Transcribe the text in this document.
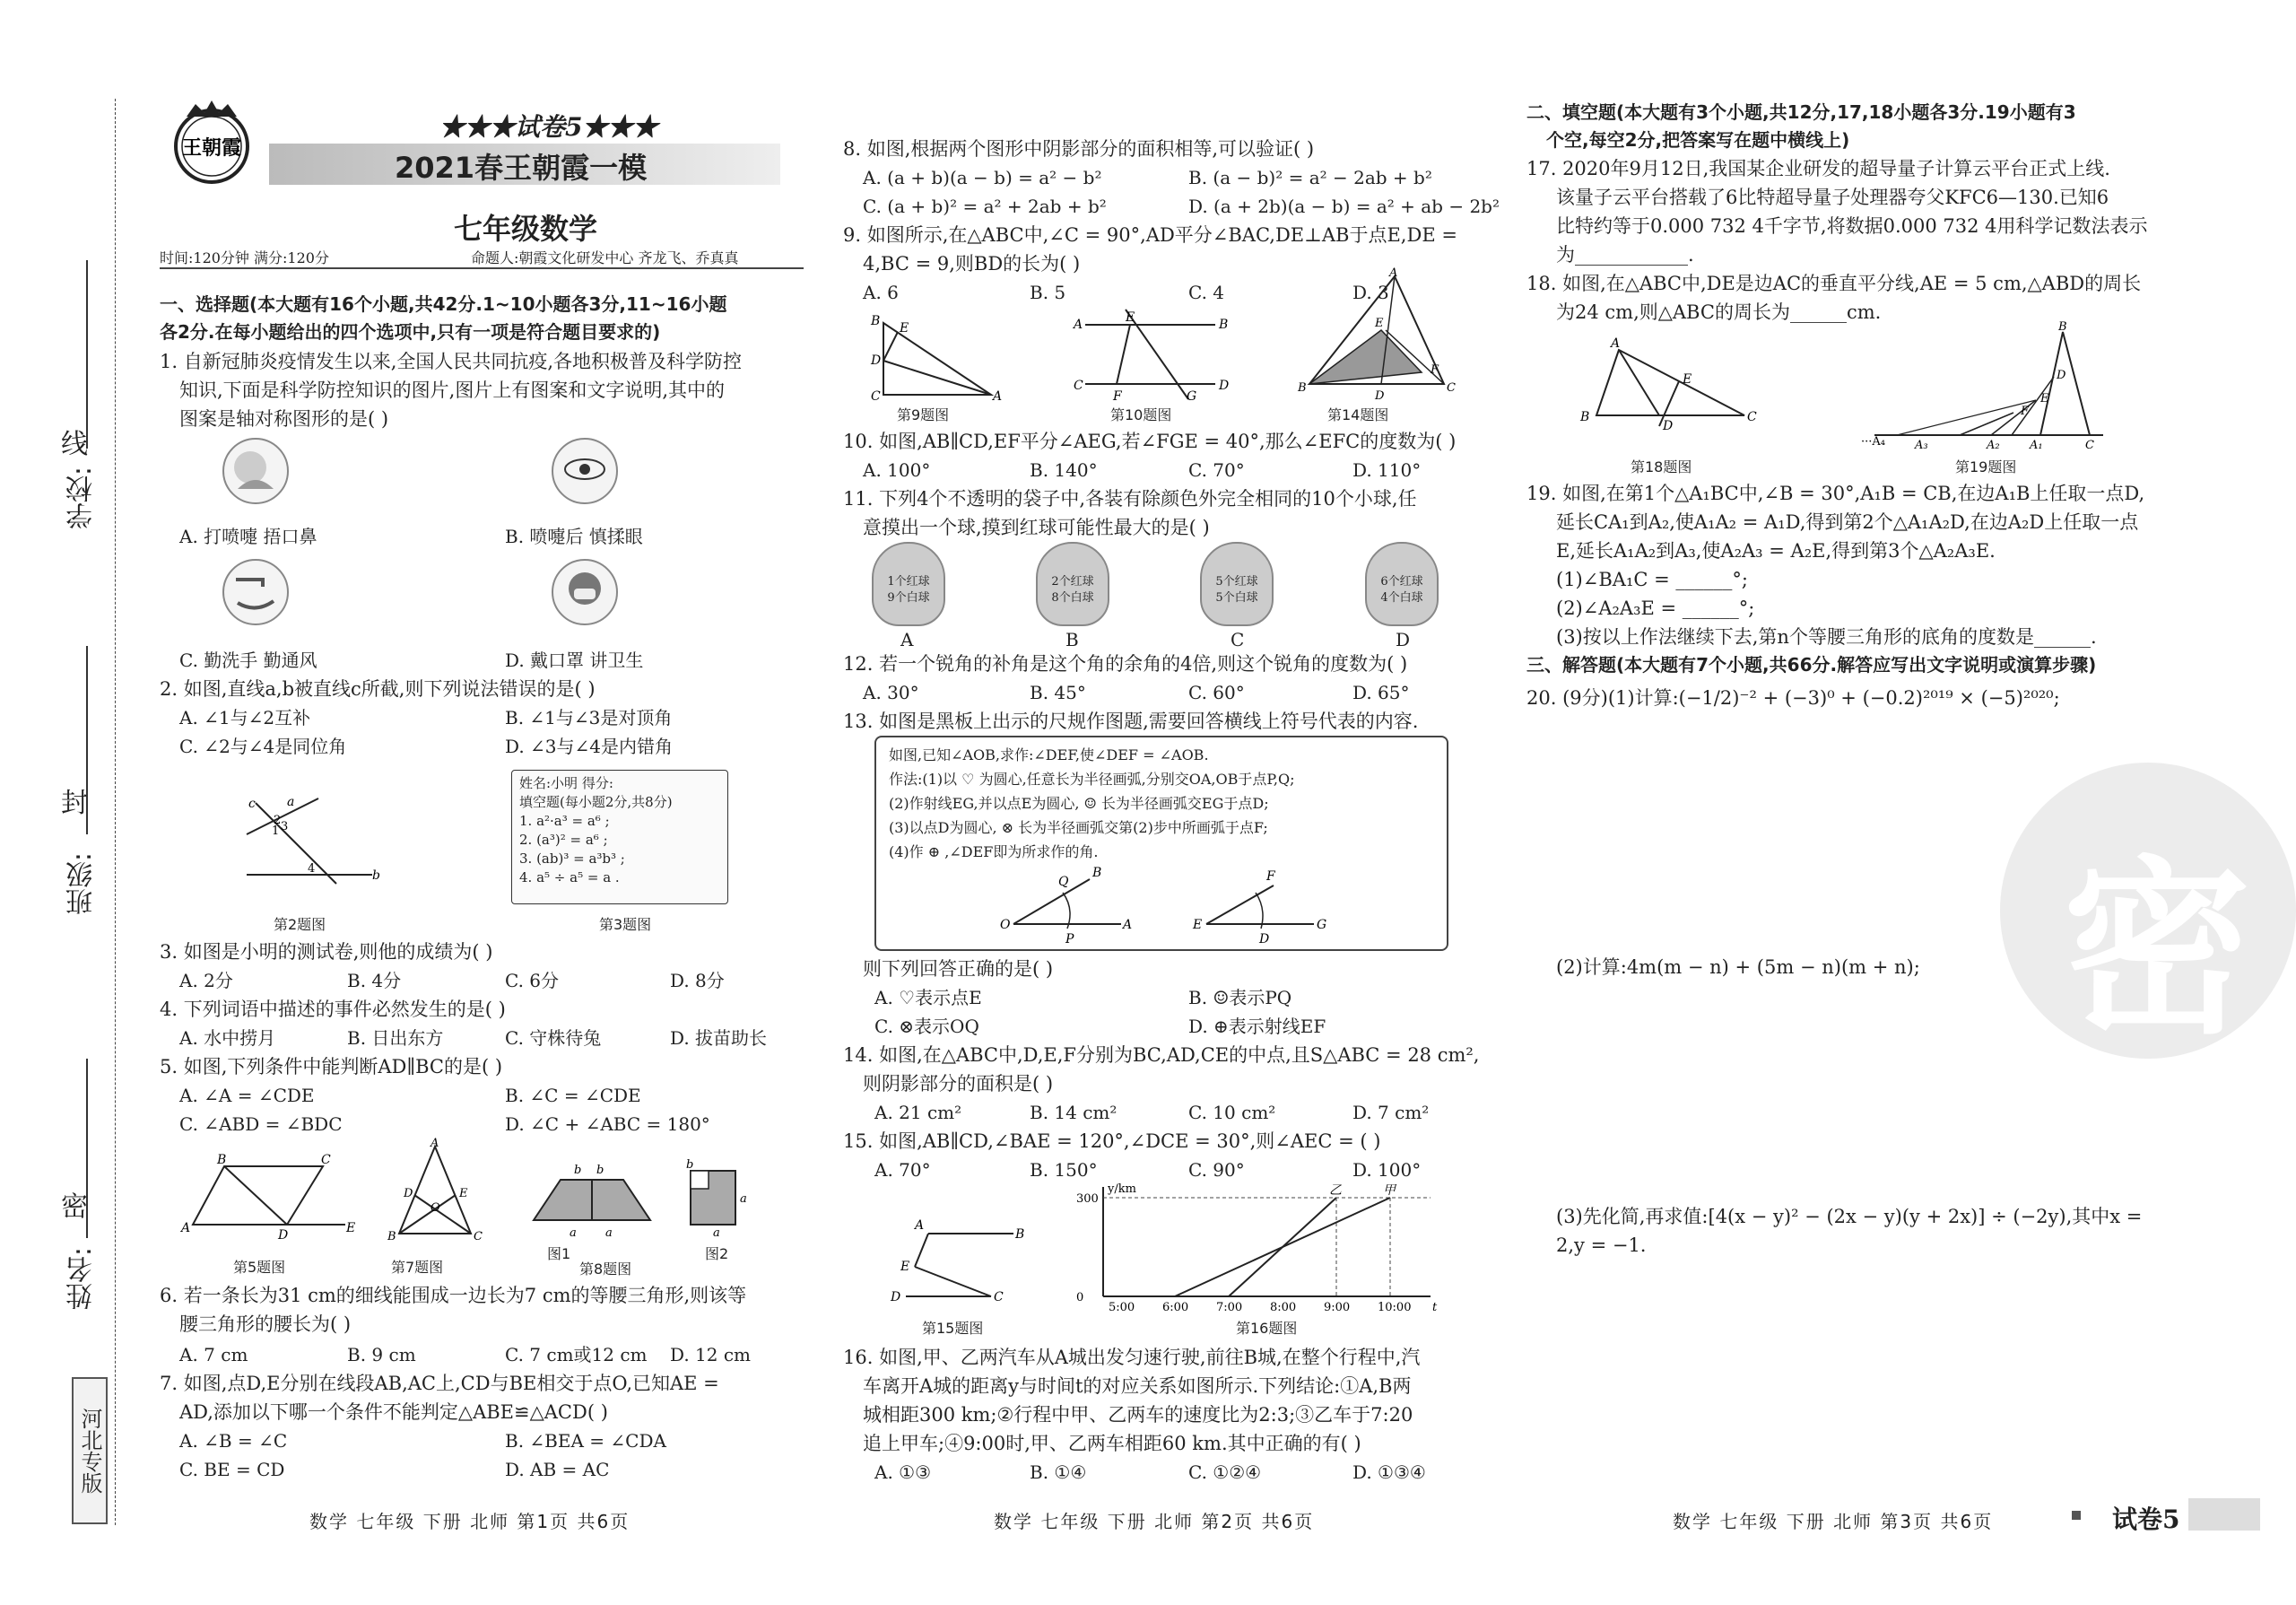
线
封
密
学校:
班级:
姓名:
河北专版
王朝霞
★★★试卷5★★★
2021春王朝霞一模
七年级数学
时间:120分钟 满分:120分	命题人:朝霞文化研发中心 齐龙飞、乔真真
一、选择题(本大题有16个小题,共42分.1~10小题各3分,11~16小题
各2分.在每小题给出的四个选项中,只有一项是符合题目要求的)
1. 自新冠肺炎疫情发生以来,全国人民共同抗疫,各地积极普及科学防控
知识,下面是科学防控知识的图片,图片上有图案和文字说明,其中的
图案是轴对称图形的是( )
A. 打喷嚏 捂口鼻	B. 喷嚏后 慎揉眼
C. 勤洗手 勤通风	D. 戴口罩 讲卫生
2. 如图,直线a,b被直线c所截,则下列说法错误的是( )
A. ∠1与∠2互补	B. ∠1与∠3是对顶角
C. ∠2与∠4是同位角	D. ∠3与∠4是内错角
c	a
b
2 3
1
4
第2题图
姓名:小明 得分:
填空题(每小题2分,共8分)
1. a²·a³ = a⁶ ;
2. (a³)² = a⁶ ;
3. (ab)³ = a³b³ ;
4. a⁵ ÷ a⁵ = a .
第3题图
3. 如图是小明的测试卷,则他的成绩为( )
A. 2分	B. 4分	C. 6分	D. 8分
4. 下列词语中描述的事件必然发生的是( )
A. 水中捞月	B. 日出东方	C. 守株待兔	D. 拔苗助长
5. 如图,下列条件中能判断AD∥BC的是( )
A. ∠A = ∠CDE	B. ∠C = ∠CDE
C. ∠ABD = ∠BDC	D. ∠C + ∠ABC = 180°
B	C
A	D	E
第5题图
A
D	E
O
B	C
第7题图
b b
a a
b
a
a
图1	图2
第8题图
6. 若一条长为31 cm的细线能围成一边长为7 cm的等腰三角形,则该等
腰三角形的腰长为( )
A. 7 cm	B. 9 cm	C. 7 cm或12 cm D. 12 cm
7. 如图,点D,E分别在线段AB,AC上,CD与BE相交于点O,已知AE =
AD,添加以下哪一个条件不能判定△ABE≌△ACD( )
A. ∠B = ∠C	B. ∠BEA = ∠CDA
C. BE = CD	D. AB = AC
数学 七年级 下册 北师 第1页 共6页
8. 如图,根据两个图形中阴影部分的面积相等,可以验证( )
A. (a + b)(a − b) = a² − b²	B. (a − b)² = a² − 2ab + b²
C. (a + b)² = a² + 2ab + b²	D. (a + 2b)(a − b) = a² + ab − 2b²
9. 如图所示,在△ABC中,∠C = 90°,AD平分∠BAC,DE⊥AB于点E,DE =
4,BC = 9,则BD的长为( )
A. 6	B. 5	C. 4	D. 3
B E
D
C	A
第9题图
A	E	B
C
F	G
D
第10题图
A
E
F
B
D
C
第14题图
10. 如图,AB∥CD,EF平分∠AEG,若∠FGE = 40°,那么∠EFC的度数为( )
A. 100°	B. 140°	C. 70°	D. 110°
11. 下列4个不透明的袋子中,各装有除颜色外完全相同的10个小球,任
意摸出一个球,摸到红球可能性最大的是( )
1个红球
9个白球
2个红球
8个白球
5个红球
5个白球
6个红球
4个白球
A	B	C	D
12. 若一个锐角的补角是这个角的余角的4倍,则这个锐角的度数为( )
A. 30°	B. 45°	C. 60°	D. 65°
13. 如图是黑板上出示的尺规作图题,需要回答横线上符号代表的内容.
如图,已知∠AOB,求作:∠DEF,使∠DEF = ∠AOB.
作法:(1)以 ♡ 为圆心,任意长为半径画弧,分别交OA,OB于点P,Q;
(2)作射线EG,并以点E为圆心, ☺ 长为半径画弧交EG于点D;
(3)以点D为圆心, ⊗ 长为半径画弧交第(2)步中所画弧于点F;
(4)作 ⊕ ,∠DEF即为所求作的角.
O
B
Q
P
A	E
F
D
G
则下列回答正确的是( )
A. ♡表示点E	B. ☺表示PQ
C. ⊗表示OQ	D. ⊕表示射线EF
14. 如图,在△ABC中,D,E,F分别为BC,AD,CE的中点,且S△ABC = 28 cm²,
则阴影部分的面积是( )
A. 21 cm²	B. 14 cm²	C. 10 cm²	D. 7 cm²
15. 如图,AB∥CD,∠BAE = 120°,∠DCE = 30°,则∠AEC = ( )
A. 70°	B. 150°	C. 90°	D. 100°
A
B
E
D	C
第15题图
y/km
t
5:00 6:00 7:00 8:00 9:00 10:00
0
300
甲
乙
第16题图
16. 如图,甲、乙两汽车从A城出发匀速行驶,前往B城,在整个行程中,汽
车离开A城的距离y与时间t的对应关系如图所示.下列结论:①A,B两
城相距300 km;②行程中甲、乙两车的速度比为2:3;③乙车于7:20
追上甲车;④9:00时,甲、乙两车相距60 km.其中正确的有( )
A. ①③	B. ①④	C. ①②④	D. ①③④
数学 七年级 下册 北师 第2页 共6页
密
二、填空题(本大题有3个小题,共12分,17,18小题各3分.19小题有3
个空,每空2分,把答案写在题中横线上)
17. 2020年9月12日,我国某企业研发的超导量子计算云平台正式上线.
该量子云平台搭载了6比特超导量子处理器夸父KFC6—130.已知6
比特约等于0.000 732 4千字节,将数据0.000 732 4用科学记数法表示
为____________.
18. 如图,在△ABC中,DE是边AC的垂直平分线,AE = 5 cm,△ABD的周长
为24 cm,则△ABC的周长为______cm.
A
E
B
D
C
第18题图
B
D
E
F
···A₄	A₃	A₂	A₁	C
第19题图
19. 如图,在第1个△A₁BC中,∠B = 30°,A₁B = CB,在边A₁B上任取一点D,
延长CA₁到A₂,使A₁A₂ = A₁D,得到第2个△A₁A₂D,在边A₂D上任取一点
E,延长A₁A₂到A₃,使A₂A₃ = A₂E,得到第3个△A₂A₃E.
(1)∠BA₁C = ______°;
(2)∠A₂A₃E = ______°;
(3)按以上作法继续下去,第n个等腰三角形的底角的度数是______.
三、解答题(本大题有7个小题,共66分.解答应写出文字说明或演算步骤)
20. (9分)(1)计算:(−1/2)⁻² + (−3)⁰ + (−0.2)²⁰¹⁹ × (−5)²⁰²⁰;
(2)计算:4m(m − n) + (5m − n)(m + n);
(3)先化简,再求值:[4(x − y)² − (2x − y)(y + 2x)] ÷ (−2y),其中x =
2,y = −1.
数学 七年级 下册 北师 第3页 共6页	试卷5
